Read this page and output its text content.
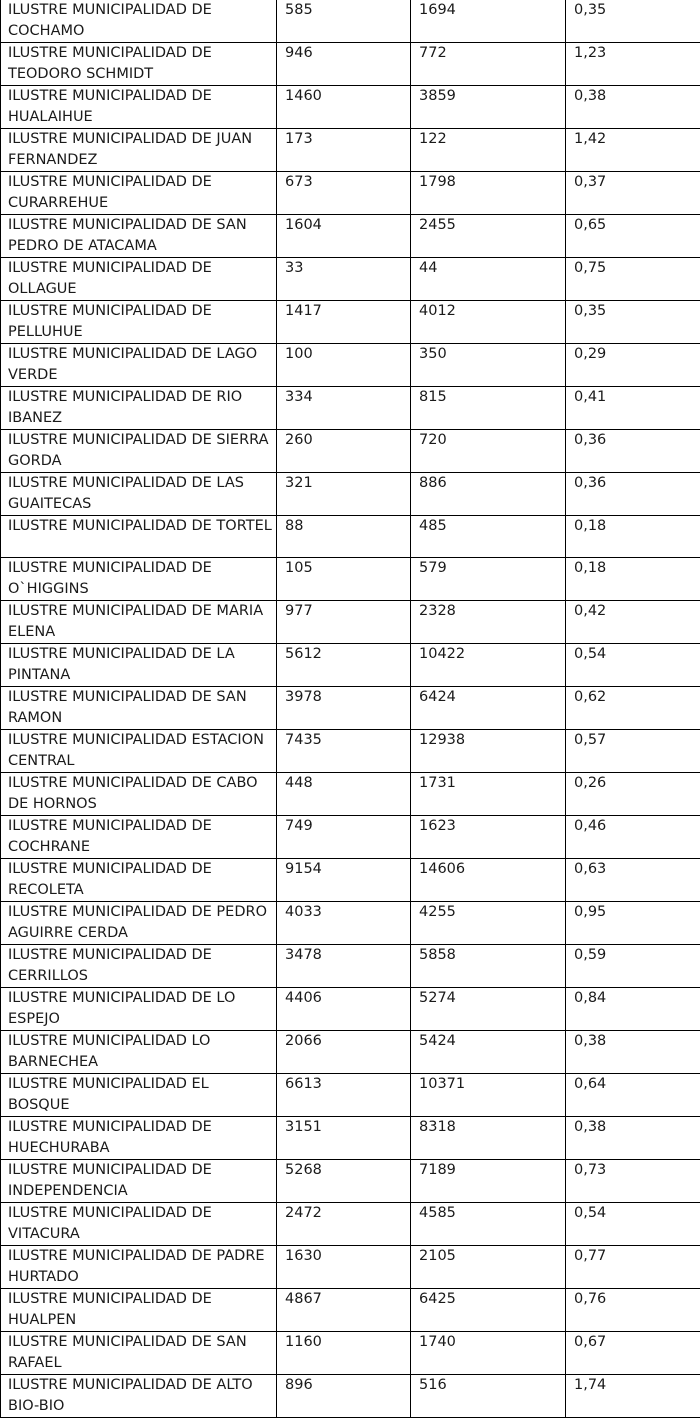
ILUSTRE MUNICIPALIDAD DE COCHAMO	585	1694	0,35
ILUSTRE MUNICIPALIDAD DE TEODORO SCHMIDT	946	772	1,23
ILUSTRE MUNICIPALIDAD DE HUALAIHUE	1460	3859	0,38
ILUSTRE MUNICIPALIDAD DE JUAN FERNANDEZ	173	122	1,42
ILUSTRE MUNICIPALIDAD DE CURARREHUE	673	1798	0,37
ILUSTRE MUNICIPALIDAD DE SAN PEDRO DE ATACAMA	1604	2455	0,65
ILUSTRE MUNICIPALIDAD DE OLLAGUE	33	44	0,75
ILUSTRE MUNICIPALIDAD DE PELLUHUE	1417	4012	0,35
ILUSTRE MUNICIPALIDAD DE LAGO VERDE	100	350	0,29
ILUSTRE MUNICIPALIDAD DE RIO IBANEZ	334	815	0,41
ILUSTRE MUNICIPALIDAD DE SIERRA GORDA	260	720	0,36
ILUSTRE MUNICIPALIDAD DE LAS GUAITECAS	321	886	0,36
ILUSTRE MUNICIPALIDAD DE TORTEL	88	485	0,18
ILUSTRE MUNICIPALIDAD DE O`HIGGINS	105	579	0,18
ILUSTRE MUNICIPALIDAD DE MARIA ELENA	977	2328	0,42
ILUSTRE MUNICIPALIDAD DE LA PINTANA	5612	10422	0,54
ILUSTRE MUNICIPALIDAD DE SAN RAMON	3978	6424	0,62
ILUSTRE MUNICIPALIDAD ESTACION CENTRAL	7435	12938	0,57
ILUSTRE MUNICIPALIDAD DE CABO DE HORNOS	448	1731	0,26
ILUSTRE MUNICIPALIDAD DE COCHRANE	749	1623	0,46
ILUSTRE MUNICIPALIDAD DE RECOLETA	9154	14606	0,63
ILUSTRE MUNICIPALIDAD DE PEDRO AGUIRRE CERDA	4033	4255	0,95
ILUSTRE MUNICIPALIDAD DE CERRILLOS	3478	5858	0,59
ILUSTRE MUNICIPALIDAD DE LO ESPEJO	4406	5274	0,84
ILUSTRE MUNICIPALIDAD LO BARNECHEA	2066	5424	0,38
ILUSTRE MUNICIPALIDAD EL BOSQUE	6613	10371	0,64
ILUSTRE MUNICIPALIDAD DE HUECHURABA	3151	8318	0,38
ILUSTRE MUNICIPALIDAD DE INDEPENDENCIA	5268	7189	0,73
ILUSTRE MUNICIPALIDAD DE VITACURA	2472	4585	0,54
ILUSTRE MUNICIPALIDAD DE PADRE HURTADO	1630	2105	0,77
ILUSTRE MUNICIPALIDAD DE HUALPEN	4867	6425	0,76
ILUSTRE MUNICIPALIDAD DE SAN RAFAEL	1160	1740	0,67
ILUSTRE MUNICIPALIDAD DE ALTO BIO-BIO	896	516	1,74
